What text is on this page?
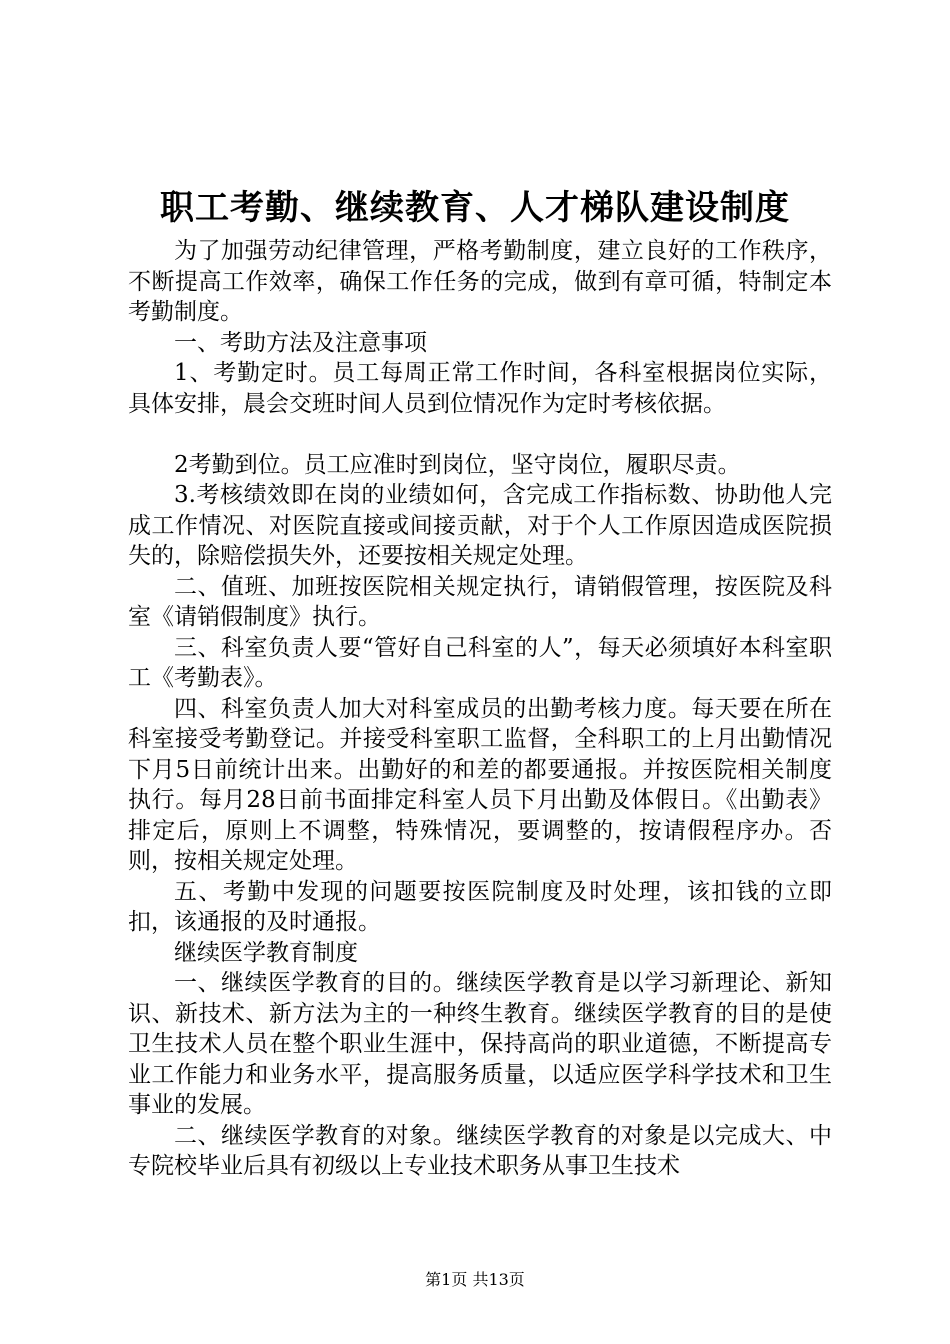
职工考勤、继续教育、人才梯队建设制度

为了加强劳动纪律管理，严格考勤制度，建立良好的工作秩序，不断提高工作效率，确保工作任务的完成，做到有章可循，特制定本考勤制度。

一、考助方法及注意事项

1、考勤定时。员工每周正常工作时间，各科室根据岗位实际，具体安排，晨会交班时间人员到位情况作为定时考核依据。

2考勤到位。员工应准时到岗位，坚守岗位，履职尽责。

3.考核绩效即在岗的业绩如何，含完成工作指标数、协助他人完成工作情况、对医院直接或间接贡献，对于个人工作原因造成医院损失的，除赔偿损失外，还要按相关规定处理。

二、值班、加班按医院相关规定执行，请销假管理，按医院及科室《请销假制度》执行。

三、科室负责人要“管好自己科室的人”，每天必须填好本科室职工《考勤表》。

四、科室负责人加大对科室成员的出勤考核力度。每天要在所在科室接受考勤登记。并接受科室职工监督，全科职工的上月出勤情况下月5日前统计出来。出勤好的和差的都要通报。并按医院相关制度执行。每月28日前书面排定科室人员下月出勤及体假日。《出勤表》排定后，原则上不调整，特殊情况，要调整的，按请假程序办。否则，按相关规定处理。

五、考勤中发现的问题要按医院制度及时处理，该扣钱的立即扣，该通报的及时通报。

继续医学教育制度

一、继续医学教育的目的。继续医学教育是以学习新理论、新知识、新技术、新方法为主的一种终生教育。继续医学教育的目的是使卫生技术人员在整个职业生涯中，保持高尚的职业道德，不断提高专业工作能力和业务水平，提高服务质量，以适应医学科学技术和卫生事业的发展。

二、继续医学教育的对象。继续医学教育的对象是以完成大、中专院校毕业后具有初级以上专业技术职务从事卫生技术

第1页 共13页
